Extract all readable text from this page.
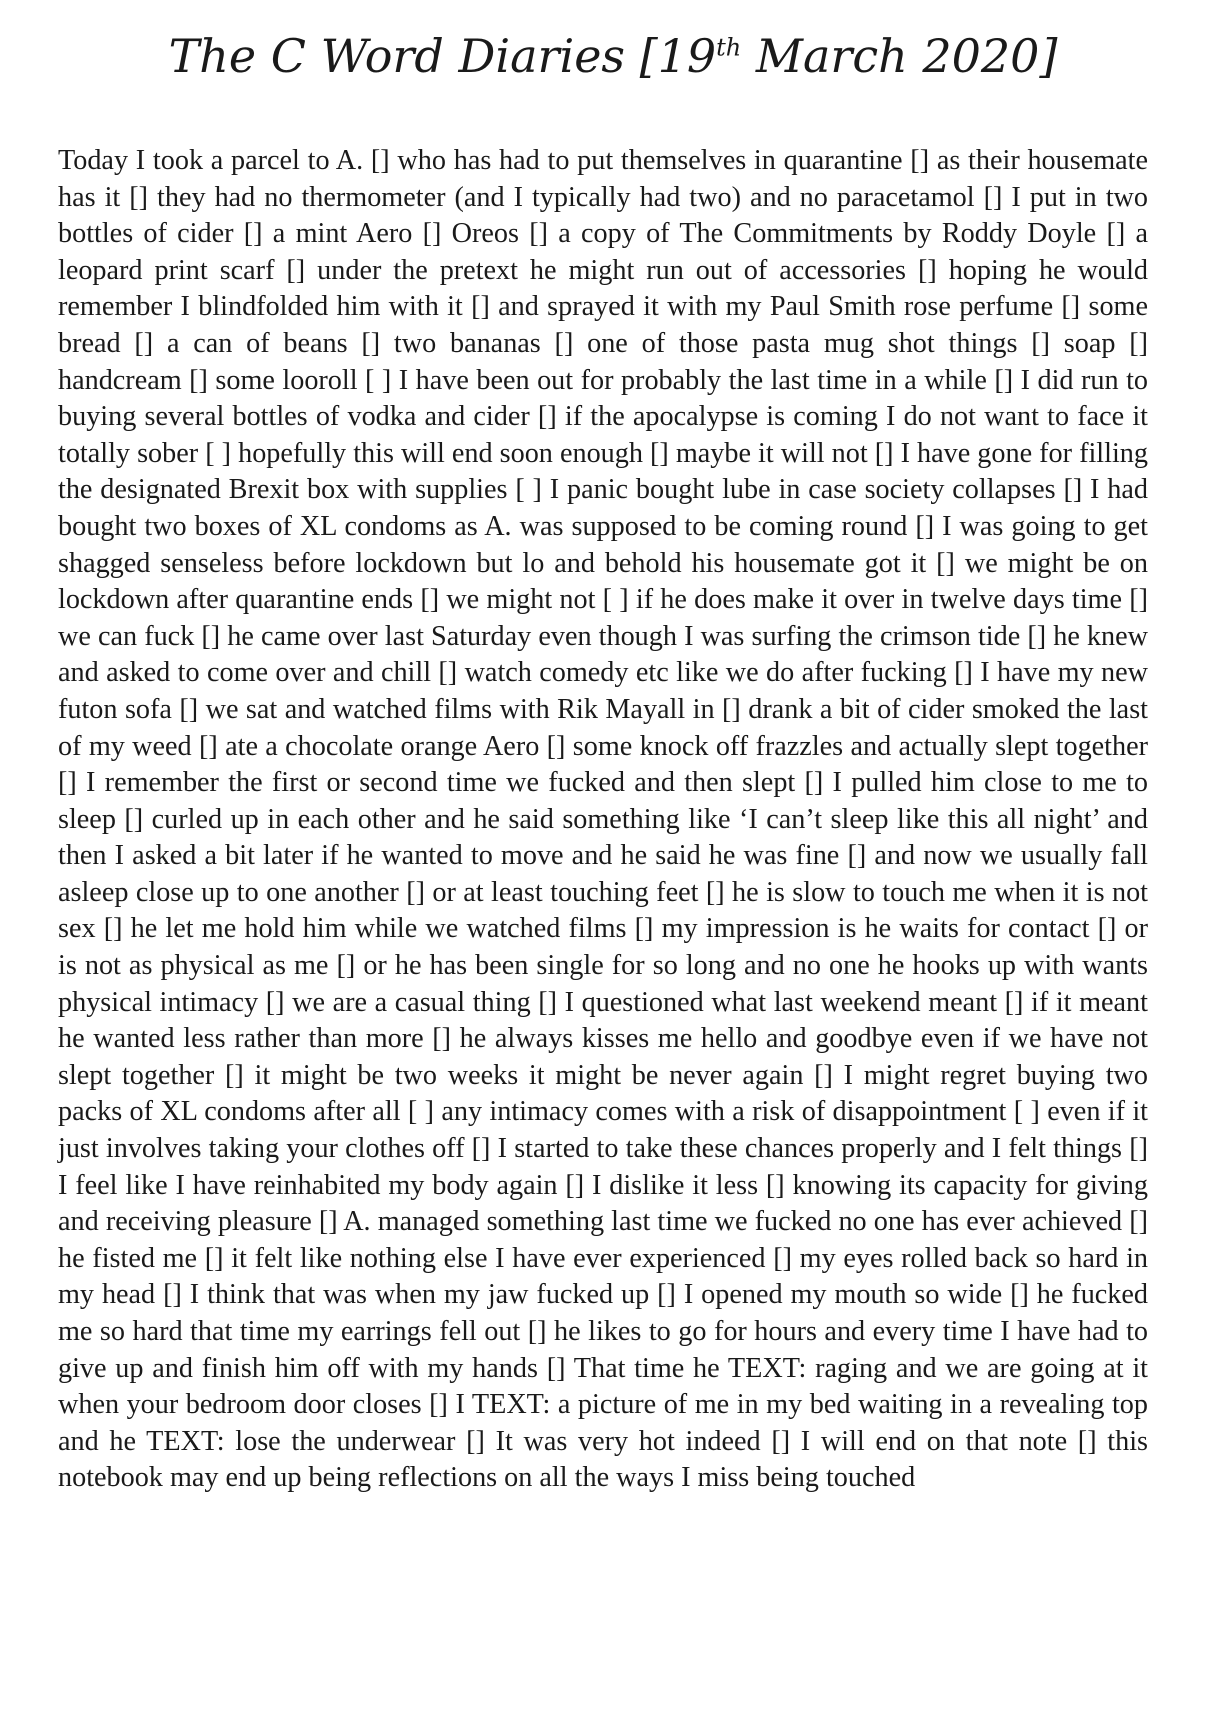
The C Word Diaries [19th March 2020]

Today I took a parcel to A. [] who has had to put themselves in quarantine [] as their housemate has it [] they had no thermometer (and I typically had two) and no paracetamol [] I put in two bottles of cider [] a mint Aero [] Oreos [] a copy of The Commitments by Roddy Doyle [] a leopard print scarf [] under the pretext he might run out of accessories [] hoping he would remember I blindfolded him with it [] and sprayed it with my Paul Smith rose perfume [] some bread [] a can of beans [] two bananas [] one of those pasta mug shot things [] soap [] handcream [] some looroll [ ] I have been out for probably the last time in a while [] I did run to buying several bottles of vodka and cider [] if the apocalypse is coming I do not want to face it totally sober [ ] hopefully this will end soon enough [] maybe it will not [] I have gone for filling the designated Brexit box with supplies [ ] I panic bought lube in case society collapses [] I had bought two boxes of XL condoms as A. was supposed to be coming round [] I was going to get shagged senseless before lockdown but lo and behold his housemate got it [] we might be on lockdown after quarantine ends [] we might not [ ] if he does make it over in twelve days time [] we can fuck [] he came over last Saturday even though I was surfing the crimson tide [] he knew and asked to come over and chill [] watch comedy etc like we do after fucking [] I have my new futon sofa [] we sat and watched films with Rik Mayall in [] drank a bit of cider smoked the last of my weed [] ate a chocolate orange Aero [] some knock off frazzles and actually slept together [] I remember the first or second time we fucked and then slept [] I pulled him close to me to sleep [] curled up in each other and he said something like ‘I can’t sleep like this all night’ and then I asked a bit later if he wanted to move and he said he was fine [] and now we usually fall asleep close up to one another [] or at least touching feet [] he is slow to touch me when it is not sex [] he let me hold him while we watched films [] my impression is he waits for contact [] or is not as physical as me [] or he has been single for so long and no one he hooks up with wants physical intimacy [] we are a casual thing [] I questioned what last weekend meant [] if it meant he wanted less rather than more [] he always kisses me hello and goodbye even if we have not slept together [] it might be two weeks it might be never again [] I might regret buying two packs of XL condoms after all [ ] any intimacy comes with a risk of disappointment [ ] even if it just involves taking your clothes off [] I started to take these chances properly and I felt things [] I feel like I have reinhabited my body again [] I dislike it less [] knowing its capacity for giving and receiving pleasure [] A. managed something last time we fucked no one has ever achieved [] he fisted me [] it felt like nothing else I have ever experienced [] my eyes rolled back so hard in my head [] I think that was when my jaw fucked up [] I opened my mouth so wide [] he fucked me so hard that time my earrings fell out [] he likes to go for hours and every time I have had to give up and finish him off with my hands [] That time he TEXT: raging and we are going at it when your bedroom door closes [] I TEXT: a picture of me in my bed waiting in a revealing top and he TEXT: lose the underwear [] It was very hot indeed [] I will end on that note [] this notebook may end up being reflections on all the ways I miss being touched
